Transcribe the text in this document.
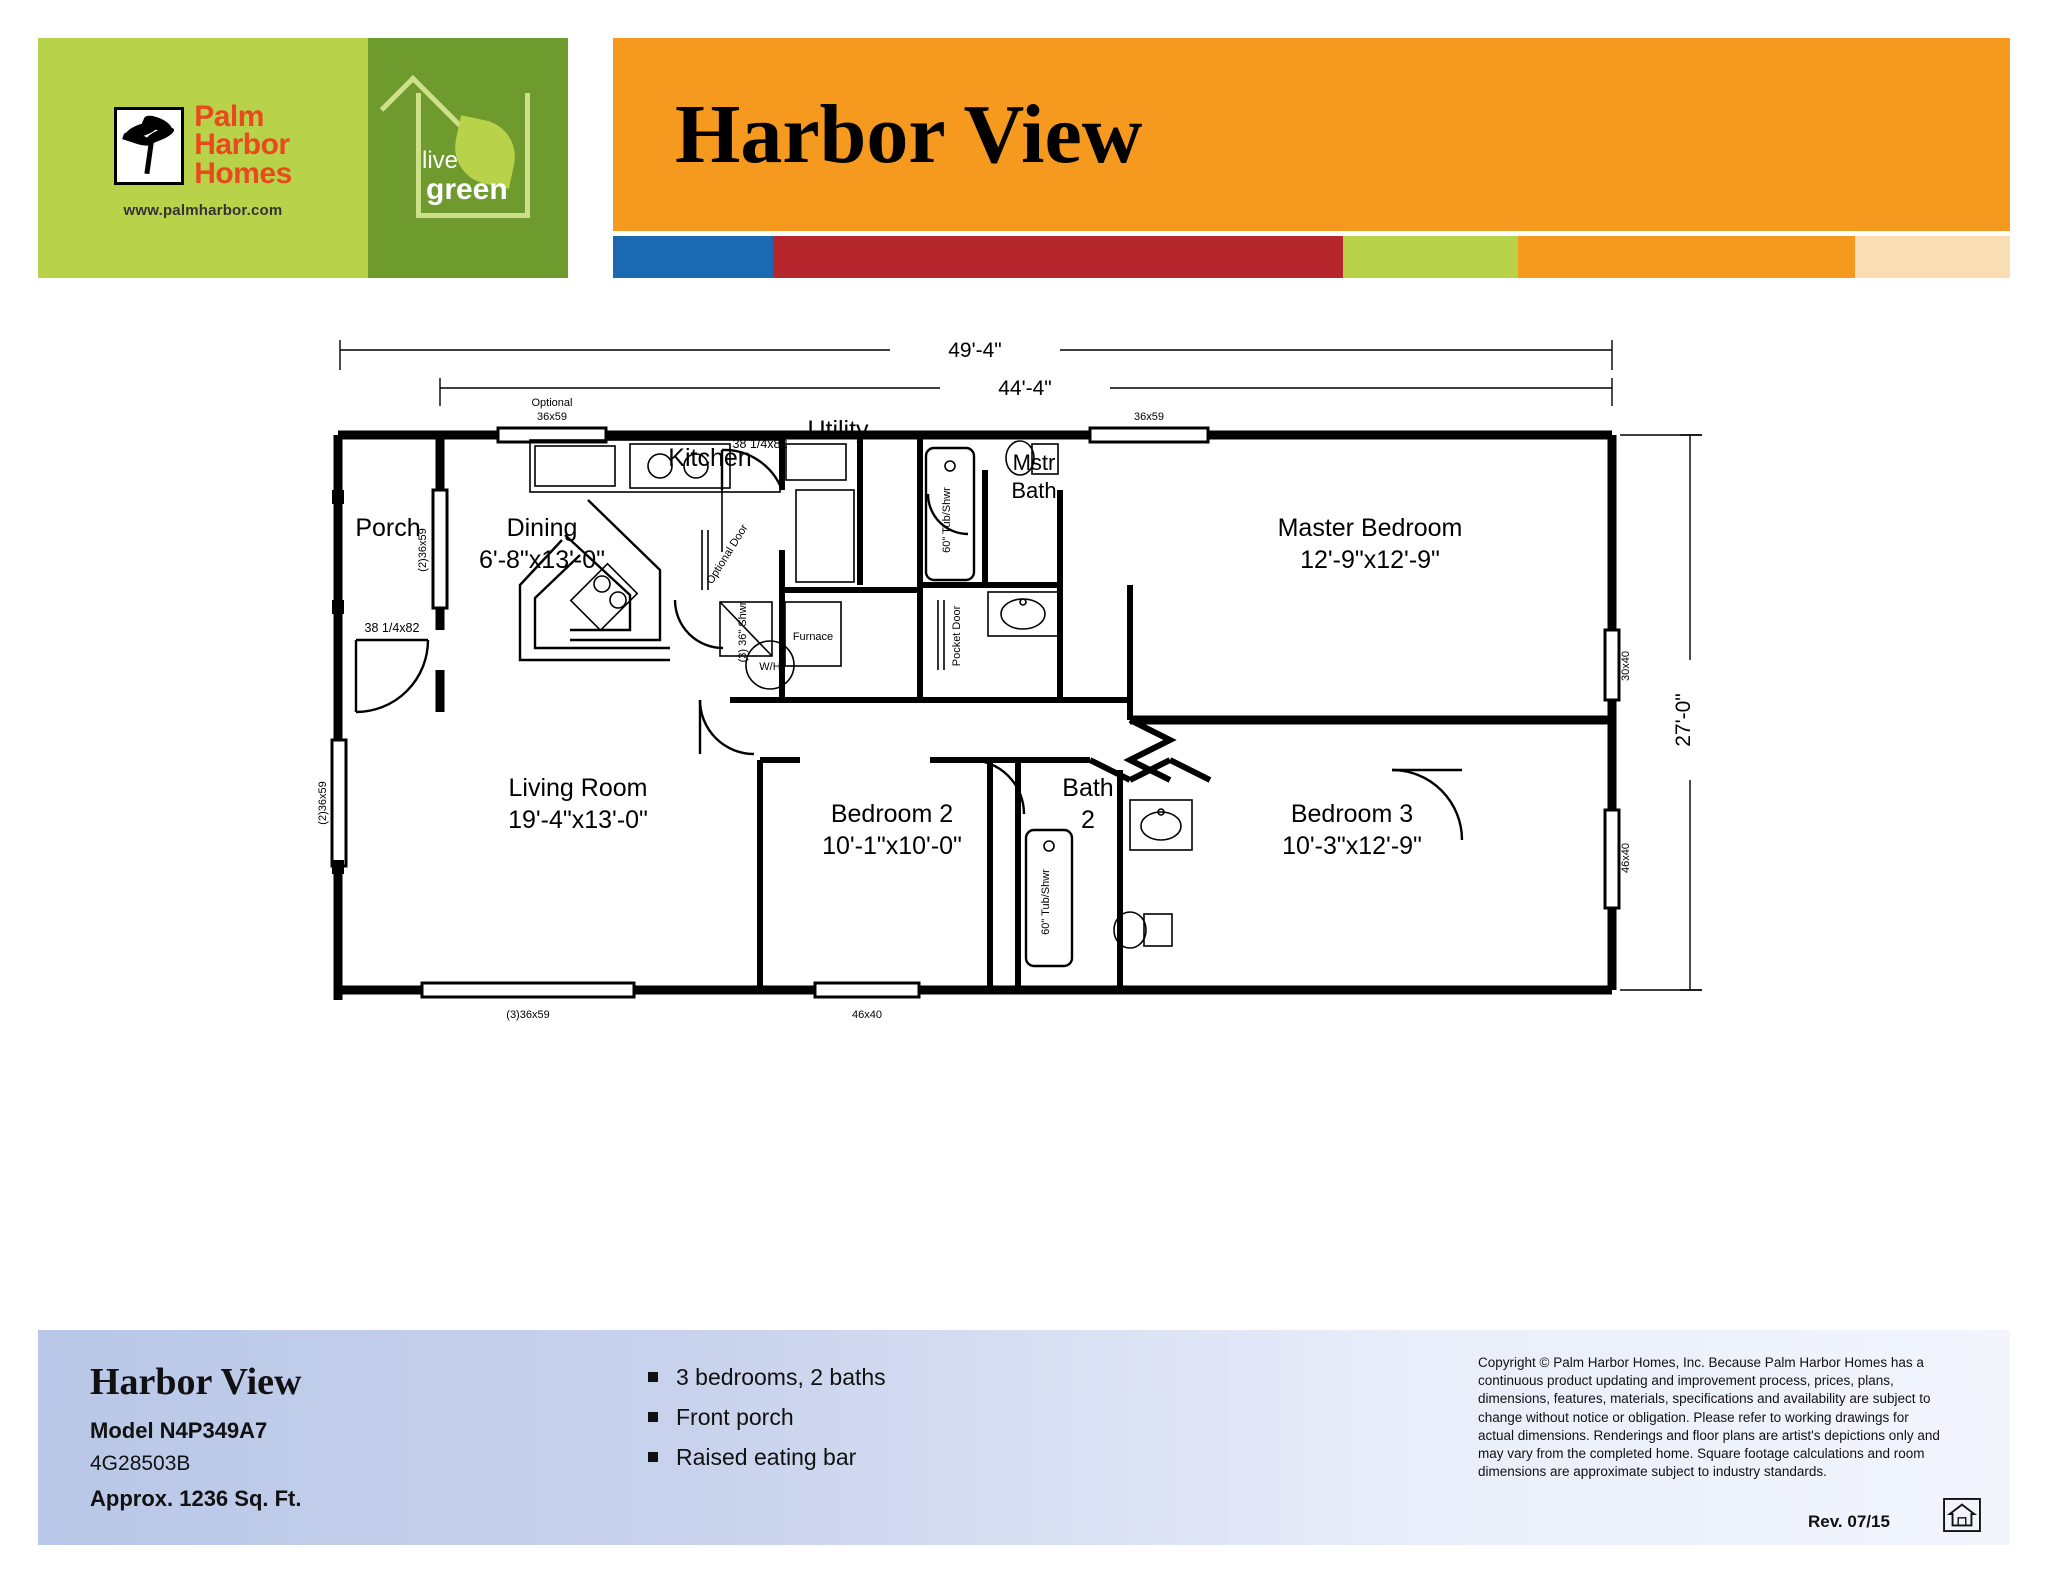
Palm
Harbor
Homes
www.palmharbor.com
live
green
Harbor View
49'-4"
44'-4"
27'-0"
Optional
36x59	36x59
(2)36x59
38 1/4x82
(2)36x59
(3)36x59	46x40
30x40
46x40
38 1/4x82
Optional Door
Furnace
W/H
(3) 36" Shwr
60" Tub/Shwr
Pocket Door
60" Tub/Shwr
Porch	Dining
6'-8"x13'-0"
Kitchen
Utility
Mstr
Bath
Master Bedroom
12'-9"x12'-9"
Living Room
19'-4"x13'-0"	Bedroom 2
10'-1"x10'-0"
Bath
2	Bedroom 3
10'-3"x12'-9"
Harbor View
Model N4P349A7
4G28503B
Approx. 1236 Sq. Ft.
3 bedrooms, 2 baths
Front porch
Raised eating bar
Copyright © Palm Harbor Homes, Inc. Because Palm Harbor Homes has a continuous product updating and improvement process, prices, plans, dimensions, features, materials, specifications and availability are subject to change without notice or obligation. Please refer to working drawings for actual dimensions. Renderings and floor plans are artist's depictions only and may vary from the completed home. Square footage calculations and room dimensions are approximate subject to industry standards.
Rev. 07/15
